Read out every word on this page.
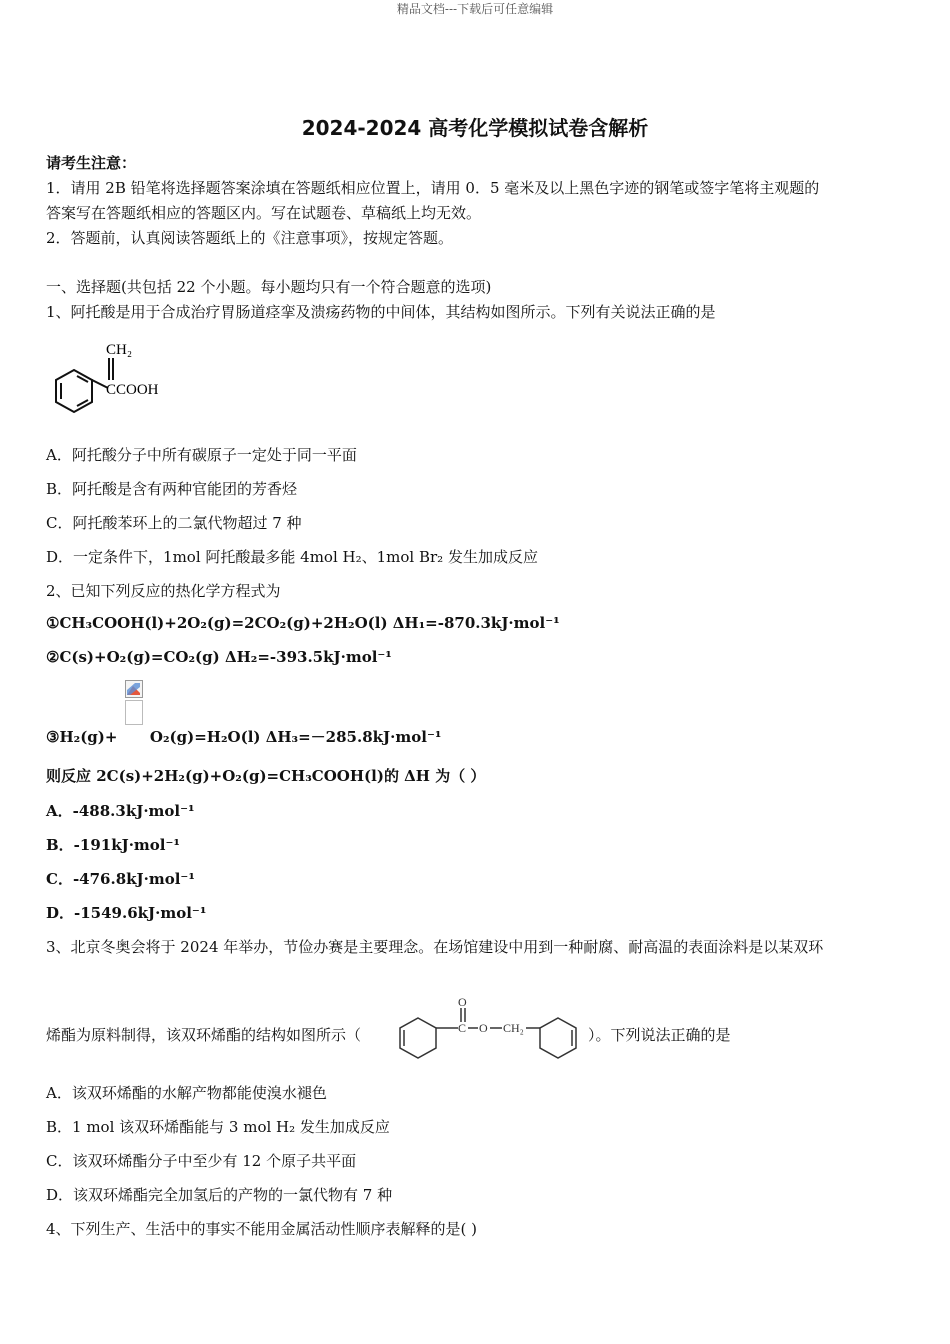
精品文档---下载后可任意编辑
2024-2024 高考化学模拟试卷含解析
请考生注意：
1．请用 2B 铅笔将选择题答案涂填在答题纸相应位置上，请用 0．5 毫米及以上黑色字迹的钢笔或签字笔将主观题的
答案写在答题纸相应的答题区内。写在试题卷、草稿纸上均无效。
2．答题前，认真阅读答题纸上的《注意事项》，按规定答题。
一、选择题(共包括 22 个小题。每小题均只有一个符合题意的选项)
1、阿托酸是用于合成治疗胃肠道痉挛及溃疡药物的中间体，其结构如图所示。下列有关说法正确的是
CH₂
CCOOH
A．阿托酸分子中所有碳原子一定处于同一平面
B．阿托酸是含有两种官能团的芳香烃
C．阿托酸苯环上的二氯代物超过 7 种
D．一定条件下，1mol 阿托酸最多能 4mol H₂、1mol Br₂ 发生加成反应
2、已知下列反应的热化学方程式为
①CH₃COOH(l)+2O₂(g)=2CO₂(g)+2H₂O(l) ΔH₁=-870.3kJ·mol⁻¹
②C(s)+O₂(g)=CO₂(g) ΔH₂=-393.5kJ·mol⁻¹
③H₂(g)+ O₂(g)=H₂O(l) ΔH₃=－285.8kJ·mol⁻¹
则反应 2C(s)+2H₂(g)+O₂(g)=CH₃COOH(l)的 ΔH 为（ ）
A．-488.3kJ·mol⁻¹
B．-191kJ·mol⁻¹
C．-476.8kJ·mol⁻¹
D．-1549.6kJ·mol⁻¹
3、北京冬奥会将于 2024 年举办，节俭办赛是主要理念。在场馆建设中用到一种耐腐、耐高温的表面涂料是以某双环
烯酯为原料制得，该双环烯酯的结构如图所示（
O
C O CH₂	）。下列说法正确的是
A．该双环烯酯的水解产物都能使溴水褪色
B．1 mol 该双环烯酯能与 3 mol H₂ 发生加成反应
C．该双环烯酯分子中至少有 12 个原子共平面
D．该双环烯酯完全加氢后的产物的一氯代物有 7 种
4、下列生产、生活中的事实不能用金属活动性顺序表解释的是( )
